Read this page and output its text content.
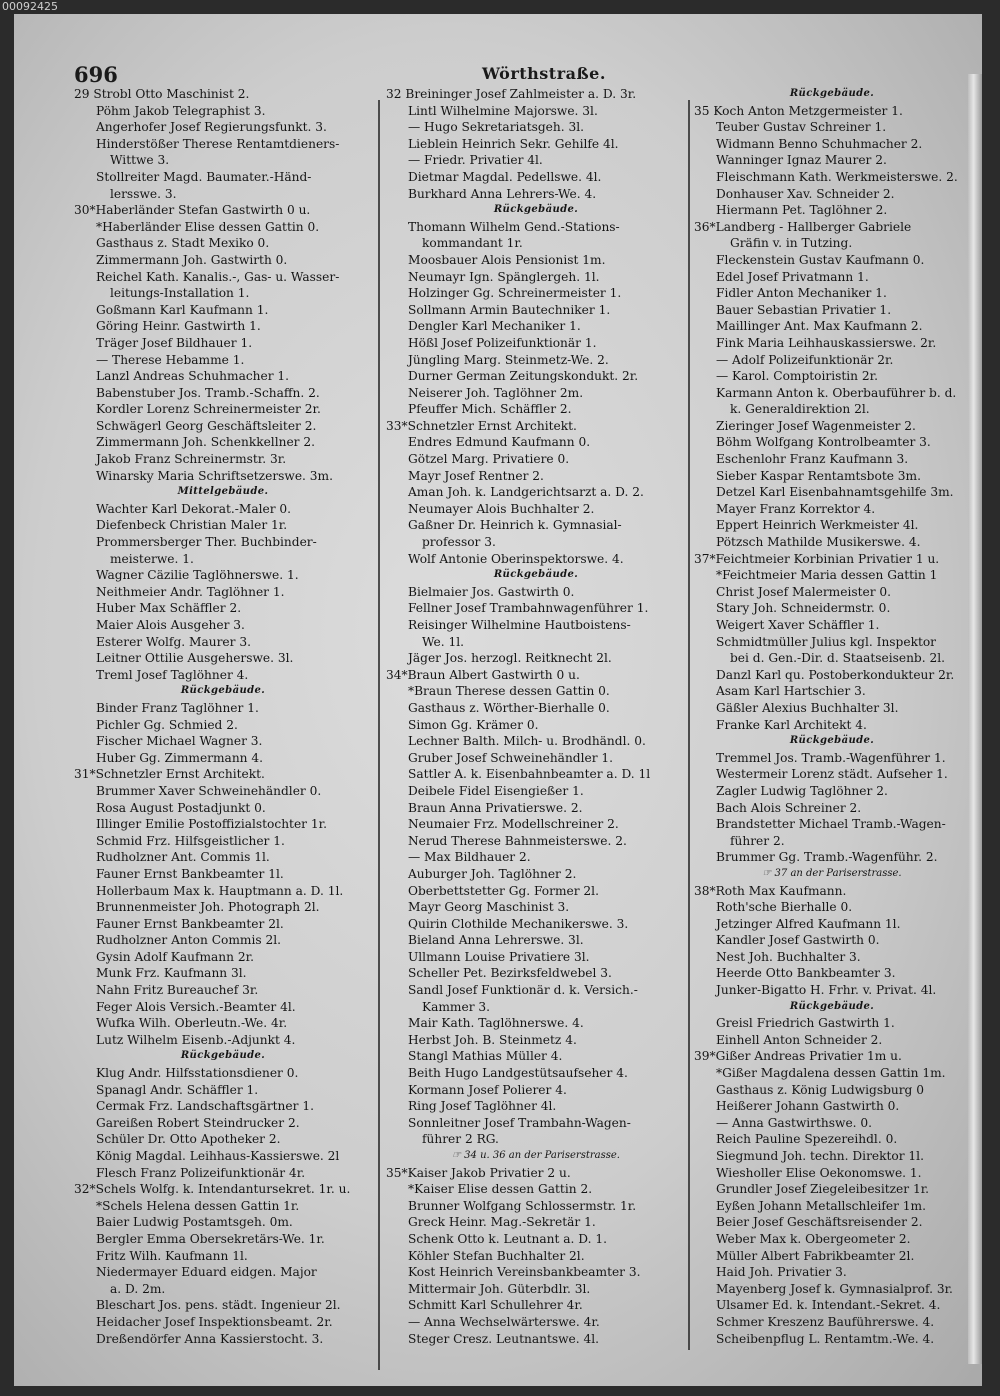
00092425
696	Wörthstraße.
29 Strobl Otto Maschinist 2.
Pöhm Jakob Telegraphist 3.
Angerhofer Josef Regierungsfunkt. 3.
Hinderstößer Therese Rentamtdieners-
Wittwe 3.
Stollreiter Magd. Baumater.-Händ-
lersswe. 3.
30*Haberländer Stefan Gastwirth 0 u.
*Haberländer Elise dessen Gattin 0.
Gasthaus z. Stadt Mexiko 0.
Zimmermann Joh. Gastwirth 0.
Reichel Kath. Kanalis.-, Gas- u. Wasser-
leitungs-Installation 1.
Goßmann Karl Kaufmann 1.
Göring Heinr. Gastwirth 1.
Träger Josef Bildhauer 1.
— Therese Hebamme 1.
Lanzl Andreas Schuhmacher 1.
Babenstuber Jos. Tramb.-Schaffn. 2.
Kordler Lorenz Schreinermeister 2r.
Schwägerl Georg Geschäftsleiter 2.
Zimmermann Joh. Schenkkellner 2.
Jakob Franz Schreinermstr. 3r.
Winarsky Maria Schriftsetzerswe. 3m.
Mittelgebäude.
Wachter Karl Dekorat.-Maler 0.
Diefenbeck Christian Maler 1r.
Prommersberger Ther. Buchbinder-
meisterwe. 1.
Wagner Cäzilie Taglöhnerswe. 1.
Neithmeier Andr. Taglöhner 1.
Huber Max Schäffler 2.
Maier Alois Ausgeher 3.
Esterer Wolfg. Maurer 3.
Leitner Ottilie Ausgeherswe. 3l.
Treml Josef Taglöhner 4.
Rückgebäude.
Binder Franz Taglöhner 1.
Pichler Gg. Schmied 2.
Fischer Michael Wagner 3.
Huber Gg. Zimmermann 4.
31*Schnetzler Ernst Architekt.
Brummer Xaver Schweinehändler 0.
Rosa August Postadjunkt 0.
Illinger Emilie Postoffizialstochter 1r.
Schmid Frz. Hilfsgeistlicher 1.
Rudholzner Ant. Commis 1l.
Fauner Ernst Bankbeamter 1l.
Hollerbaum Max k. Hauptmann a. D. 1l.
Brunnenmeister Joh. Photograph 2l.
Fauner Ernst Bankbeamter 2l.
Rudholzner Anton Commis 2l.
Gysin Adolf Kaufmann 2r.
Munk Frz. Kaufmann 3l.
Nahn Fritz Bureauchef 3r.
Feger Alois Versich.-Beamter 4l.
Wufka Wilh. Oberleutn.-We. 4r.
Lutz Wilhelm Eisenb.-Adjunkt 4.
Rückgebäude.
Klug Andr. Hilfsstationsdiener 0.
Spanagl Andr. Schäffler 1.
Cermak Frz. Landschaftsgärtner 1.
Gareißen Robert Steindrucker 2.
Schüler Dr. Otto Apotheker 2.
König Magdal. Leihhaus-Kassierswe. 2l
Flesch Franz Polizeifunktionär 4r.
32*Schels Wolfg. k. Intendantursekret. 1r. u.
*Schels Helena dessen Gattin 1r.
Baier Ludwig Postamtsgeh. 0m.
Bergler Emma Obersekretärs-We. 1r.
Fritz Wilh. Kaufmann 1l.
Niedermayer Eduard eidgen. Major
a. D. 2m.
Bleschart Jos. pens. städt. Ingenieur 2l.
Heidacher Josef Inspektionsbeamt. 2r.
Dreßendörfer Anna Kassierstocht. 3.
32 Breininger Josef Zahlmeister a. D. 3r.
Lintl Wilhelmine Majorswe. 3l.
— Hugo Sekretariatsgeh. 3l.
Lieblein Heinrich Sekr. Gehilfe 4l.
— Friedr. Privatier 4l.
Dietmar Magdal. Pedellswe. 4l.
Burkhard Anna Lehrers-We. 4.
Rückgebäude.
Thomann Wilhelm Gend.-Stations-
kommandant 1r.
Moosbauer Alois Pensionist 1m.
Neumayr Ign. Spänglergeh. 1l.
Holzinger Gg. Schreinermeister 1.
Sollmann Armin Bautechniker 1.
Dengler Karl Mechaniker 1.
Hößl Josef Polizeifunktionär 1.
Jüngling Marg. Steinmetz-We. 2.
Durner German Zeitungskondukt. 2r.
Neiserer Joh. Taglöhner 2m.
Pfeuffer Mich. Schäffler 2.
33*Schnetzler Ernst Architekt.
Endres Edmund Kaufmann 0.
Götzel Marg. Privatiere 0.
Mayr Josef Rentner 2.
Aman Joh. k. Landgerichtsarzt a. D. 2.
Neumayer Alois Buchhalter 2.
Gaßner Dr. Heinrich k. Gymnasial-
professor 3.
Wolf Antonie Oberinspektorswe. 4.
Rückgebäude.
Bielmaier Jos. Gastwirth 0.
Fellner Josef Trambahnwagenführer 1.
Reisinger Wilhelmine Hautboistens-
We. 1l.
Jäger Jos. herzogl. Reitknecht 2l.
34*Braun Albert Gastwirth 0 u.
*Braun Therese dessen Gattin 0.
Gasthaus z. Wörther-Bierhalle 0.
Simon Gg. Krämer 0.
Lechner Balth. Milch- u. Brodhändl. 0.
Gruber Josef Schweinehändler 1.
Sattler A. k. Eisenbahnbeamter a. D. 1l
Deibele Fidel Eisengießer 1.
Braun Anna Privatierswe. 2.
Neumaier Frz. Modellschreiner 2.
Nerud Therese Bahnmeisterswe. 2.
— Max Bildhauer 2.
Auburger Joh. Taglöhner 2.
Oberbettstetter Gg. Former 2l.
Mayr Georg Maschinist 3.
Quirin Clothilde Mechanikerswe. 3.
Bieland Anna Lehrerswe. 3l.
Ullmann Louise Privatiere 3l.
Scheller Pet. Bezirksfeldwebel 3.
Sandl Josef Funktionär d. k. Versich.-
Kammer 3.
Mair Kath. Taglöhnerswe. 4.
Herbst Joh. B. Steinmetz 4.
Stangl Mathias Müller 4.
Beith Hugo Landgestütsaufseher 4.
Kormann Josef Polierer 4.
Ring Josef Taglöhner 4l.
Sonnleitner Josef Trambahn-Wagen-
führer 2 RG.
☞ 34 u. 36 an der Pariserstrasse.
35*Kaiser Jakob Privatier 2 u.
*Kaiser Elise dessen Gattin 2.
Brunner Wolfgang Schlossermstr. 1r.
Greck Heinr. Mag.-Sekretär 1.
Schenk Otto k. Leutnant a. D. 1.
Köhler Stefan Buchhalter 2l.
Kost Heinrich Vereinsbankbeamter 3.
Mittermair Joh. Güterbdlr. 3l.
Schmitt Karl Schullehrer 4r.
— Anna Wechselwärterswe. 4r.
Steger Cresz. Leutnantswe. 4l.
Rückgebäude.
35 Koch Anton Metzgermeister 1.
Teuber Gustav Schreiner 1.
Widmann Benno Schuhmacher 2.
Wanninger Ignaz Maurer 2.
Fleischmann Kath. Werkmeisterswe. 2.
Donhauser Xav. Schneider 2.
Hiermann Pet. Taglöhner 2.
36*Landberg - Hallberger Gabriele
Gräfin v. in Tutzing.
Fleckenstein Gustav Kaufmann 0.
Edel Josef Privatmann 1.
Fidler Anton Mechaniker 1.
Bauer Sebastian Privatier 1.
Maillinger Ant. Max Kaufmann 2.
Fink Maria Leihhauskassierswe. 2r.
— Adolf Polizeifunktionär 2r.
— Karol. Comptoiristin 2r.
Karmann Anton k. Oberbauführer b. d.
k. Generaldirektion 2l.
Ziеringer Josef Wagenmeister 2.
Böhm Wolfgang Kontrolbeamter 3.
Eschenlohr Franz Kaufmann 3.
Sieber Kaspar Rentamtsbote 3m.
Detzel Karl Eisenbahnamtsgehilfe 3m.
Mayer Franz Korrektor 4.
Eppert Heinrich Werkmeister 4l.
Pötzsch Mathilde Musikerswe. 4.
37*Feichtmeier Korbinian Privatier 1 u.
*Feichtmeier Maria dessen Gattin 1
Christ Josef Malermeister 0.
Stary Joh. Schneidermstr. 0.
Weigert Xaver Schäffler 1.
Schmidtmüller Julius kgl. Inspektor
bei d. Gen.-Dir. d. Staatseisenb. 2l.
Danzl Karl qu. Postoberkondukteur 2r.
Asam Karl Hartschier 3.
Gäßler Alexius Buchhalter 3l.
Franke Karl Architekt 4.
Rückgebäude.
Tremmel Jos. Tramb.-Wagenführer 1.
Westermeir Lorenz städt. Aufseher 1.
Zagler Ludwig Taglöhner 2.
Bach Alois Schreiner 2.
Brandstetter Michael Tramb.-Wagen-
führer 2.
Brummer Gg. Tramb.-Wagenführ. 2.
☞ 37 an der Pariserstrasse.
38*Roth Max Kaufmann.
Roth'sche Bierhalle 0.
Jetzinger Alfred Kaufmann 1l.
Kandler Josef Gastwirth 0.
Nest Joh. Buchhalter 3.
Heerde Otto Bankbeamter 3.
Junker-Bigatto H. Frhr. v. Privat. 4l.
Rückgebäude.
Greisl Friedrich Gastwirth 1.
Einhell Anton Schneider 2.
39*Gißer Andreas Privatier 1m u.
*Gißer Magdalena dessen Gattin 1m.
Gasthaus z. König Ludwigsburg 0
Heißerer Johann Gastwirth 0.
— Anna Gastwirthswe. 0.
Reich Pauline Spezereihdl. 0.
Siegmund Joh. techn. Direktor 1l.
Wiesholler Elise Oekonomswe. 1.
Grundler Josef Ziegeleibesitzer 1r.
Eyßen Johann Metallschleifer 1m.
Beier Josef Geschäftsreisender 2.
Weber Max k. Obergeometer 2.
Müller Albert Fabrikbeamter 2l.
Haid Joh. Privatier 3.
Mayenberg Josef k. Gymnasialprof. 3r.
Ulsamer Ed. k. Intendant.-Sekret. 4.
Schmer Kreszenz Bauführerswe. 4.
Scheibenpflug L. Rentamtm.-We. 4.
